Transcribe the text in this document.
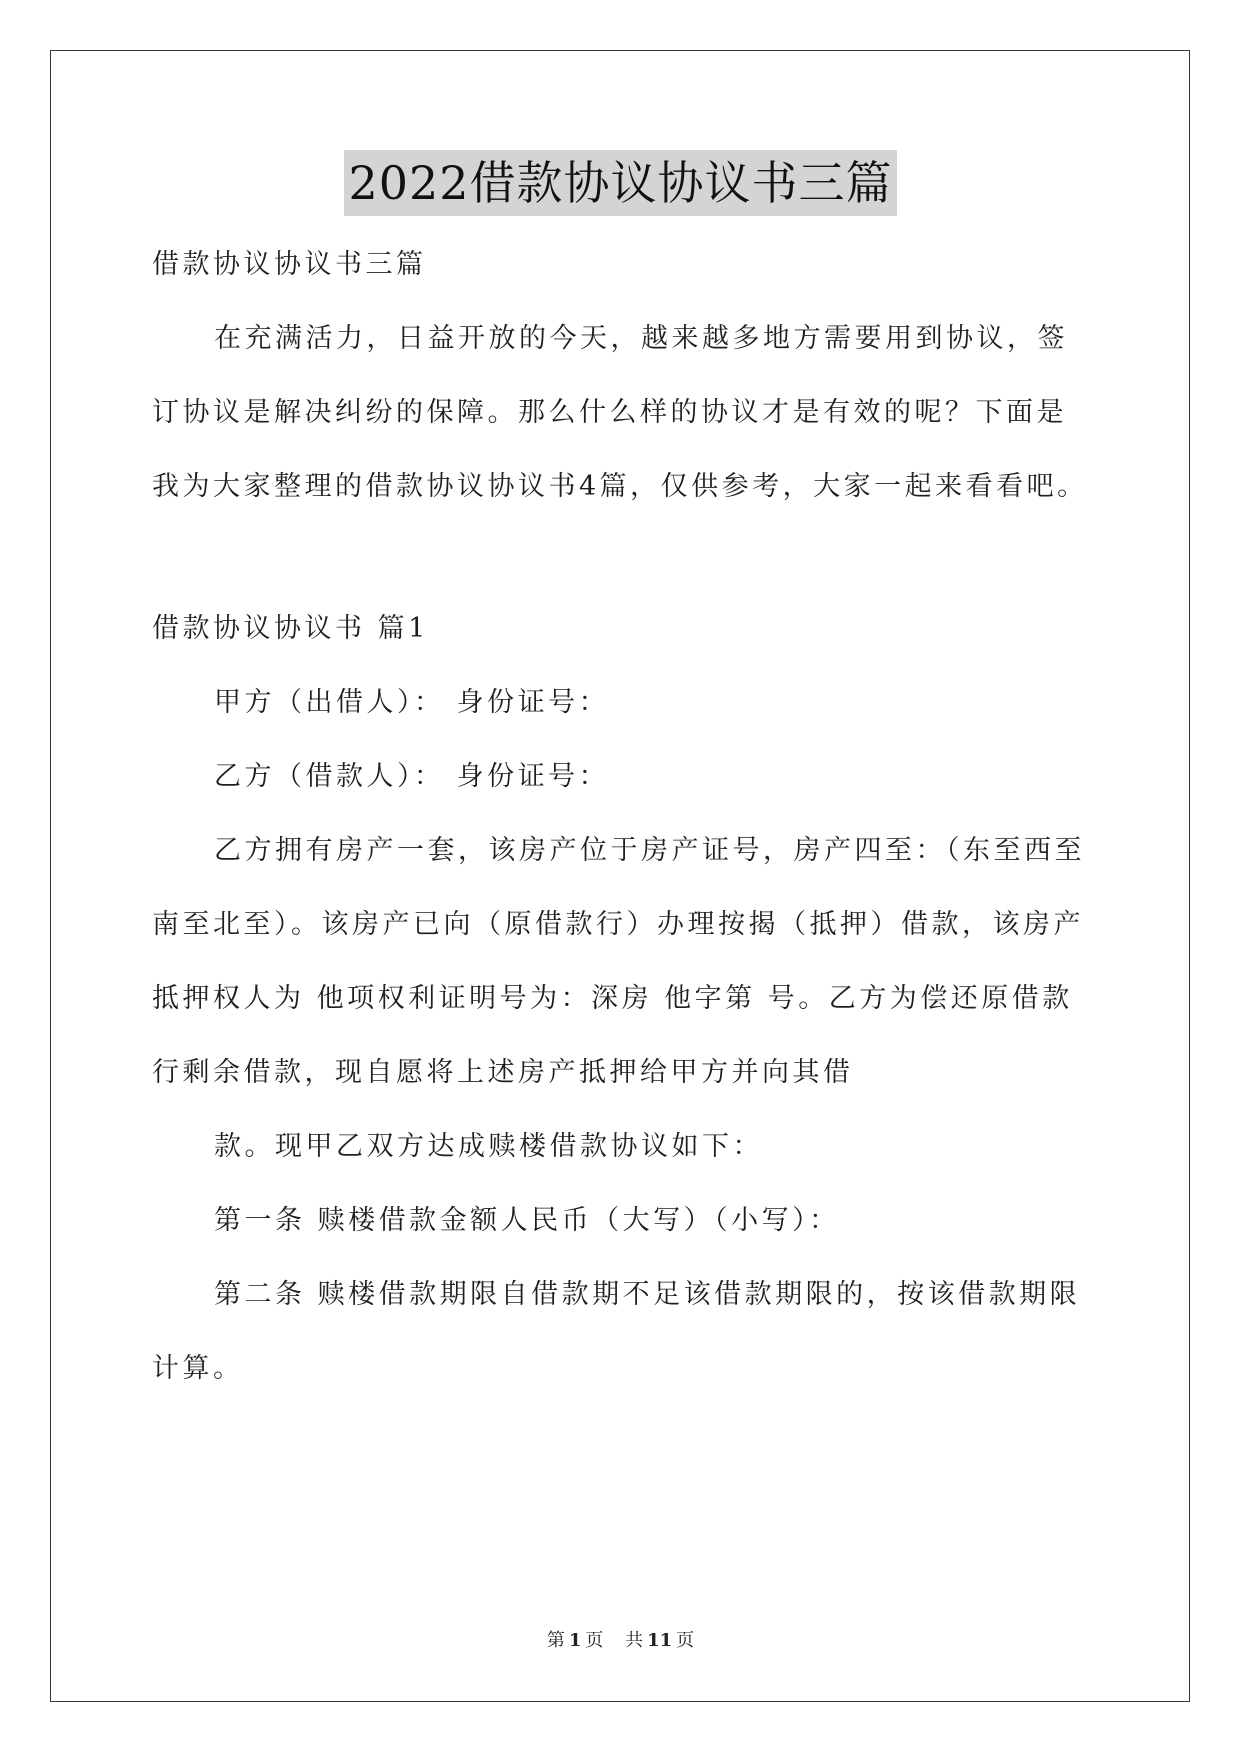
2022借款协议协议书三篇
借款协议协议书三篇
在充满活力，日益开放的今天，越来越多地方需要用到协议，签
订协议是解决纠纷的保障。那么什么样的协议才是有效的呢？下面是
我为大家整理的借款协议协议书4篇，仅供参考，大家一起来看看吧。
借款协议协议书 篇1
甲方（出借人）： 身份证号：
乙方（借款人）： 身份证号：
乙方拥有房产一套，该房产位于房产证号，房产四至：（东至西至
南至北至）。该房产已向（原借款行）办理按揭（抵押）借款，该房产
抵押权人为 他项权利证明号为：深房 他字第 号。乙方为偿还原借款
行剩余借款，现自愿将上述房产抵押给甲方并向其借
款。现甲乙双方达成赎楼借款协议如下：
第一条 赎楼借款金额人民币（大写）（小写）：
第二条 赎楼借款期限自借款期不足该借款期限的，按该借款期限
计算。
第 1 页 共 11 页
